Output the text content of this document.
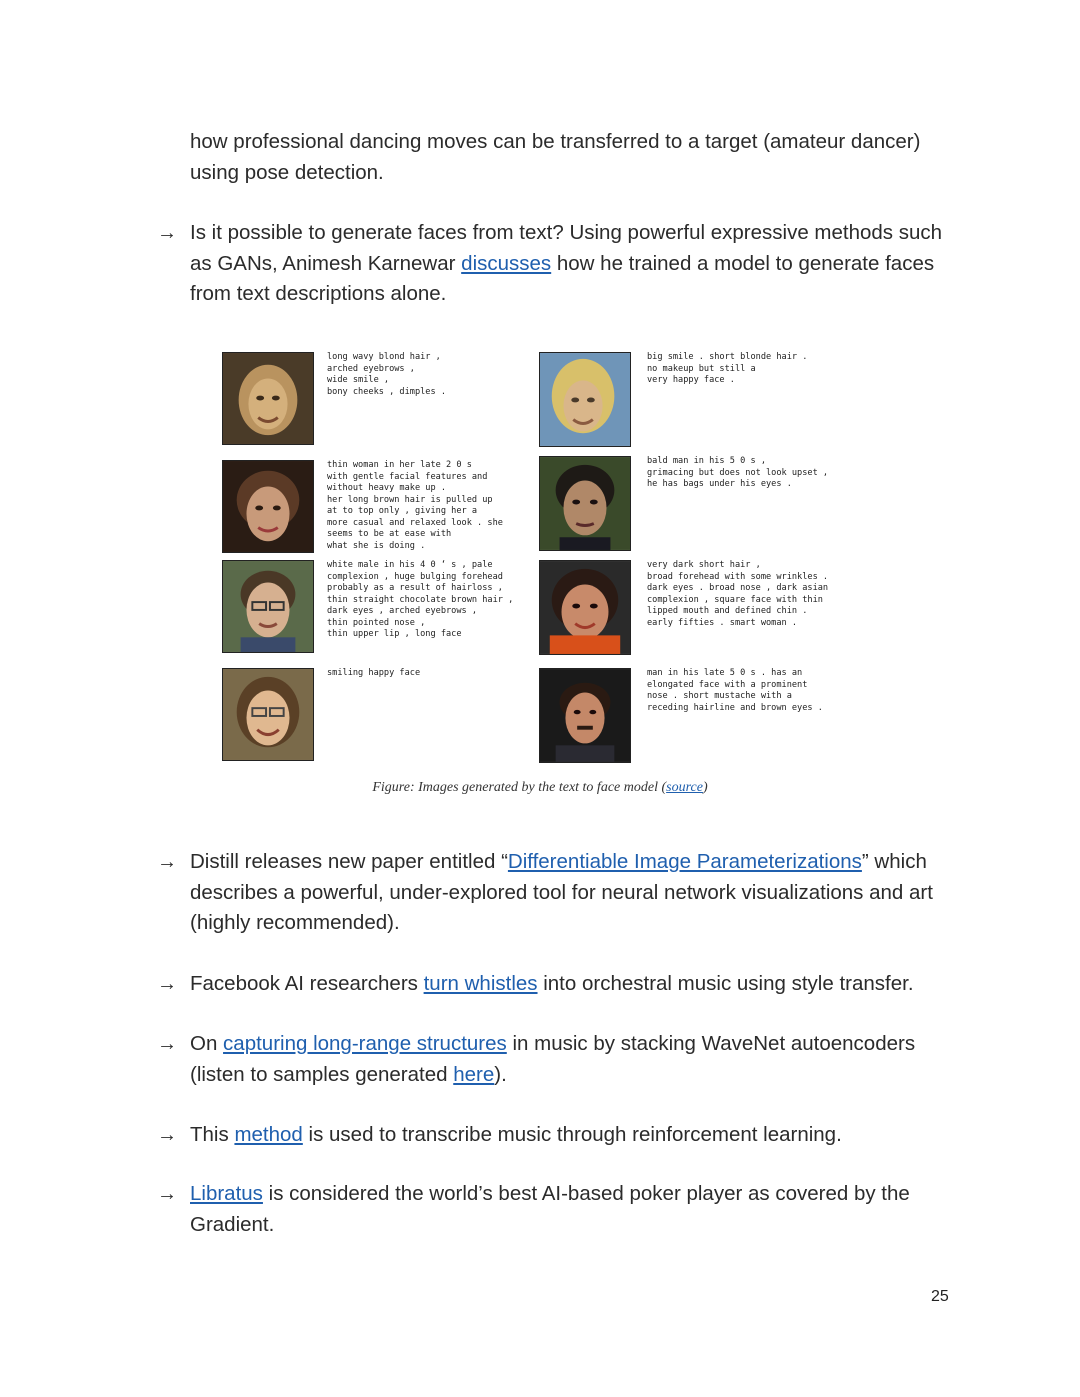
how professional dancing moves can be transferred to a target (amateur dancer)
using pose detection.

→ Is it possible to generate faces from text? Using powerful expressive methods such as GANs, Animesh Karnewar discusses how he trained a model to generate faces from text descriptions alone.

long wavy blond hair ,
arched eyebrows ,
wide smile ,
bony cheeks , dimples .
big smile . short blonde hair .
no makeup but still a
very happy face .
thin woman in her late 2 0 s
with gentle facial features and
without heavy make up .
her long brown hair is pulled up
at to top only , giving her a
more casual and relaxed look . she
seems to be at ease with
what she is doing .
bald man in his 5 0 s ,
grimacing but does not look upset ,
he has bags under his eyes .
white male in his 4 0 ‘ s , pale
complexion , huge bulging forehead
probably as a result of hairloss ,
thin straight chocolate brown hair ,
dark eyes , arched eyebrows ,
thin pointed nose ,
thin upper lip , long face
very dark short hair ,
broad forehead with some wrinkles .
dark eyes . broad nose , dark asian
complexion , square face with thin
lipped mouth and defined chin .
early fifties . smart woman .
smiling happy face	man in his late 5 0 s . has an
elongated face with a prominent
nose . short mustache with a
receding hairline and brown eyes .
Figure: Images generated by the text to face model (source)
→ Distill releases new paper entitled “Differentiable Image Parameterizations” which describes a powerful, under-explored tool for neural network visualizations and art (highly recommended).

→ Facebook AI researchers turn whistles into orchestral music using style transfer.

→ On capturing long-range structures in music by stacking WaveNet autoencoders (listen to samples generated here).

→ This method is used to transcribe music through reinforcement learning.

→ Libratus is considered the world’s best AI-based poker player as covered by the Gradient.

25
